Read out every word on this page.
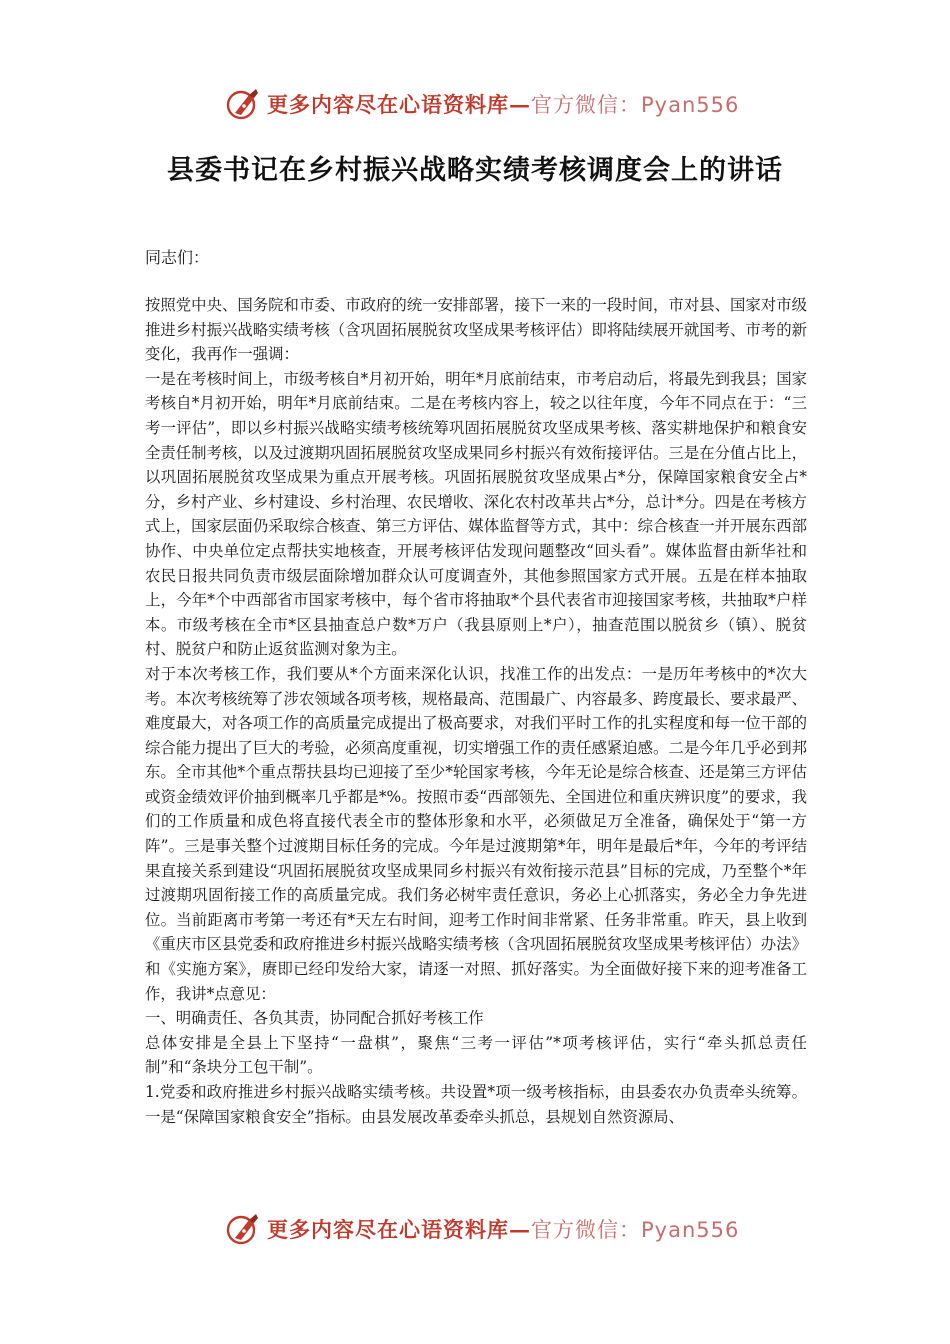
更多内容尽在心语资料库—官方微信：Pyan556
县委书记在乡村振兴战略实绩考核调度会上的讲话
同志们：

按照党中央、国务院和市委、市政府的统一安排部署，接下一来的一段时间，市对县、国家对市级推进乡村振兴战略实绩考核（含巩固拓展脱贫攻坚成果考核评估）即将陆续展开就国考、市考的新变化，我再作一强调：

一是在考核时间上，市级考核自*月初开始，明年*月底前结束，市考启动后，将最先到我县；国家考核自*月初开始，明年*月底前结束。二是在考核内容上，较之以往年度，今年不同点在于：“三考一评估”，即以乡村振兴战略实绩考核统筹巩固拓展脱贫攻坚成果考核、落实耕地保护和粮食安全责任制考核，以及过渡期巩固拓展脱贫攻坚成果同乡村振兴有效衔接评估。三是在分值占比上，以巩固拓展脱贫攻坚成果为重点开展考核。巩固拓展脱贫攻坚成果占*分，保障国家粮食安全占*分，乡村产业、乡村建设、乡村治理、农民增收、深化农村改革共占*分，总计*分。四是在考核方式上，国家层面仍采取综合核查、第三方评估、媒体监督等方式，其中：综合核查一并开展东西部协作、中央单位定点帮扶实地核查，开展考核评估发现问题整改“回头看”。媒体监督由新华社和农民日报共同负责市级层面除增加群众认可度调查外，其他参照国家方式开展。五是在样本抽取上，今年*个中西部省市国家考核中，每个省市将抽取*个县代表省市迎接国家考核，共抽取*户样本。市级考核在全市*区县抽查总户数*万户（我县原则上*户），抽查范围以脱贫乡（镇）、脱贫村、脱贫户和防止返贫监测对象为主。

对于本次考核工作，我们要从*个方面来深化认识，找准工作的出发点：一是历年考核中的*次大考。本次考核统筹了涉农领域各项考核，规格最高、范围最广、内容最多、跨度最长、要求最严、难度最大，对各项工作的高质量完成提出了极高要求，对我们平时工作的扎实程度和每一位干部的综合能力提出了巨大的考验，必须高度重视，切实增强工作的责任感紧迫感。二是今年几乎必到邦东。全市其他*个重点帮扶县均已迎接了至少*轮国家考核，今年无论是综合核查、还是第三方评估或资金绩效评价抽到概率几乎都是*%。按照市委“西部领先、全国进位和重庆辨识度”的要求，我们的工作质量和成色将直接代表全市的整体形象和水平，必须做足万全准备，确保处于“第一方阵”。三是事关整个过渡期目标任务的完成。今年是过渡期第*年，明年是最后*年，今年的考评结果直接关系到建设“巩固拓展脱贫攻坚成果同乡村振兴有效衔接示范县”目标的完成，乃至整个*年过渡期巩固衔接工作的高质量完成。我们务必树牢责任意识，务必上心抓落实，务必全力争先进位。当前距离市考第一考还有*天左右时间，迎考工作时间非常紧、任务非常重。昨天，县上收到《重庆市区县党委和政府推进乡村振兴战略实绩考核（含巩固拓展脱贫攻坚成果考核评估）办法》和《实施方案》，赓即已经印发给大家，请逐一对照、抓好落实。为全面做好接下来的迎考准备工作，我讲*点意见：

一、明确责任、各负其责，协同配合抓好考核工作

总体安排是全县上下坚持“一盘棋”，聚焦“三考一评估”*项考核评估，实行“牵头抓总责任制”和“条块分工包干制”。

1.党委和政府推进乡村振兴战略实绩考核。共设置*项一级考核指标，由县委农办负责牵头统筹。一是“保障国家粮食安全”指标。由县发展改革委牵头抓总，县规划自然资源局、

更多内容尽在心语资料库—官方微信：Pyan556
